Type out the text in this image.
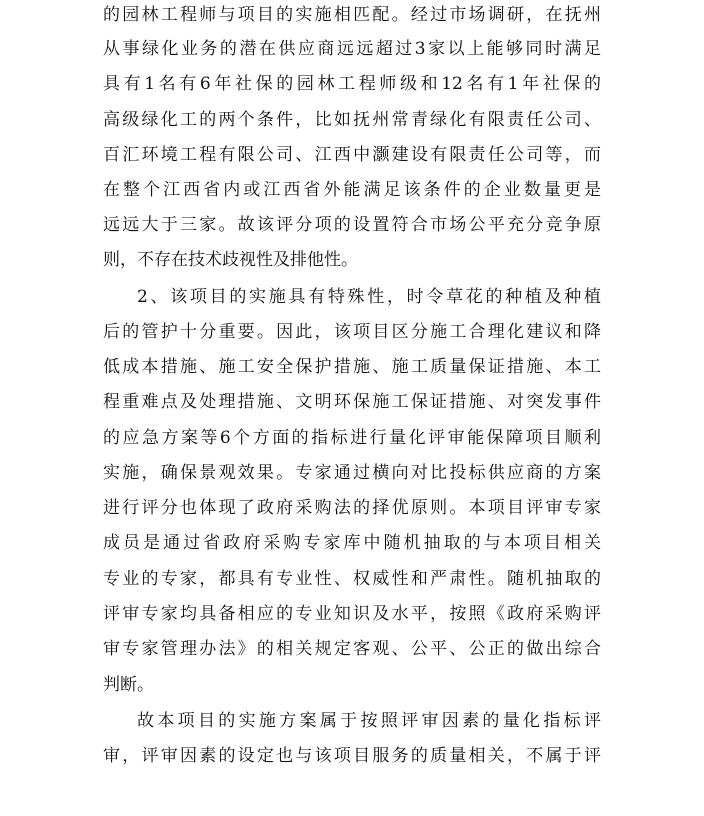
的园林工程师与项目的实施相匹配。经过市场调研，在抚州
从事绿化业务的潜在供应商远远超过3家以上能够同时满足
具有1名有6年社保的园林工程师级和12名有1年社保的
高级绿化工的两个条件，比如抚州常青绿化有限责任公司、
百汇环境工程有限公司、江西中灏建设有限责任公司等，而
在整个江西省内或江西省外能满足该条件的企业数量更是
远远大于三家。故该评分项的设置符合市场公平充分竞争原
则，不存在技术歧视性及排他性。
2、该项目的实施具有特殊性，时令草花的种植及种植
后的管护十分重要。因此，该项目区分施工合理化建议和降
低成本措施、施工安全保护措施、施工质量保证措施、本工
程重难点及处理措施、文明环保施工保证措施、对突发事件
的应急方案等6个方面的指标进行量化评审能保障项目顺利
实施，确保景观效果。专家通过横向对比投标供应商的方案
进行评分也体现了政府采购法的择优原则。本项目评审专家
成员是通过省政府采购专家库中随机抽取的与本项目相关
专业的专家，都具有专业性、权威性和严肃性。随机抽取的
评审专家均具备相应的专业知识及水平，按照《政府采购评
审专家管理办法》的相关规定客观、公平、公正的做出综合
判断。
故本项目的实施方案属于按照评审因素的量化指标评
审，评审因素的设定也与该项目服务的质量相关，不属于评
